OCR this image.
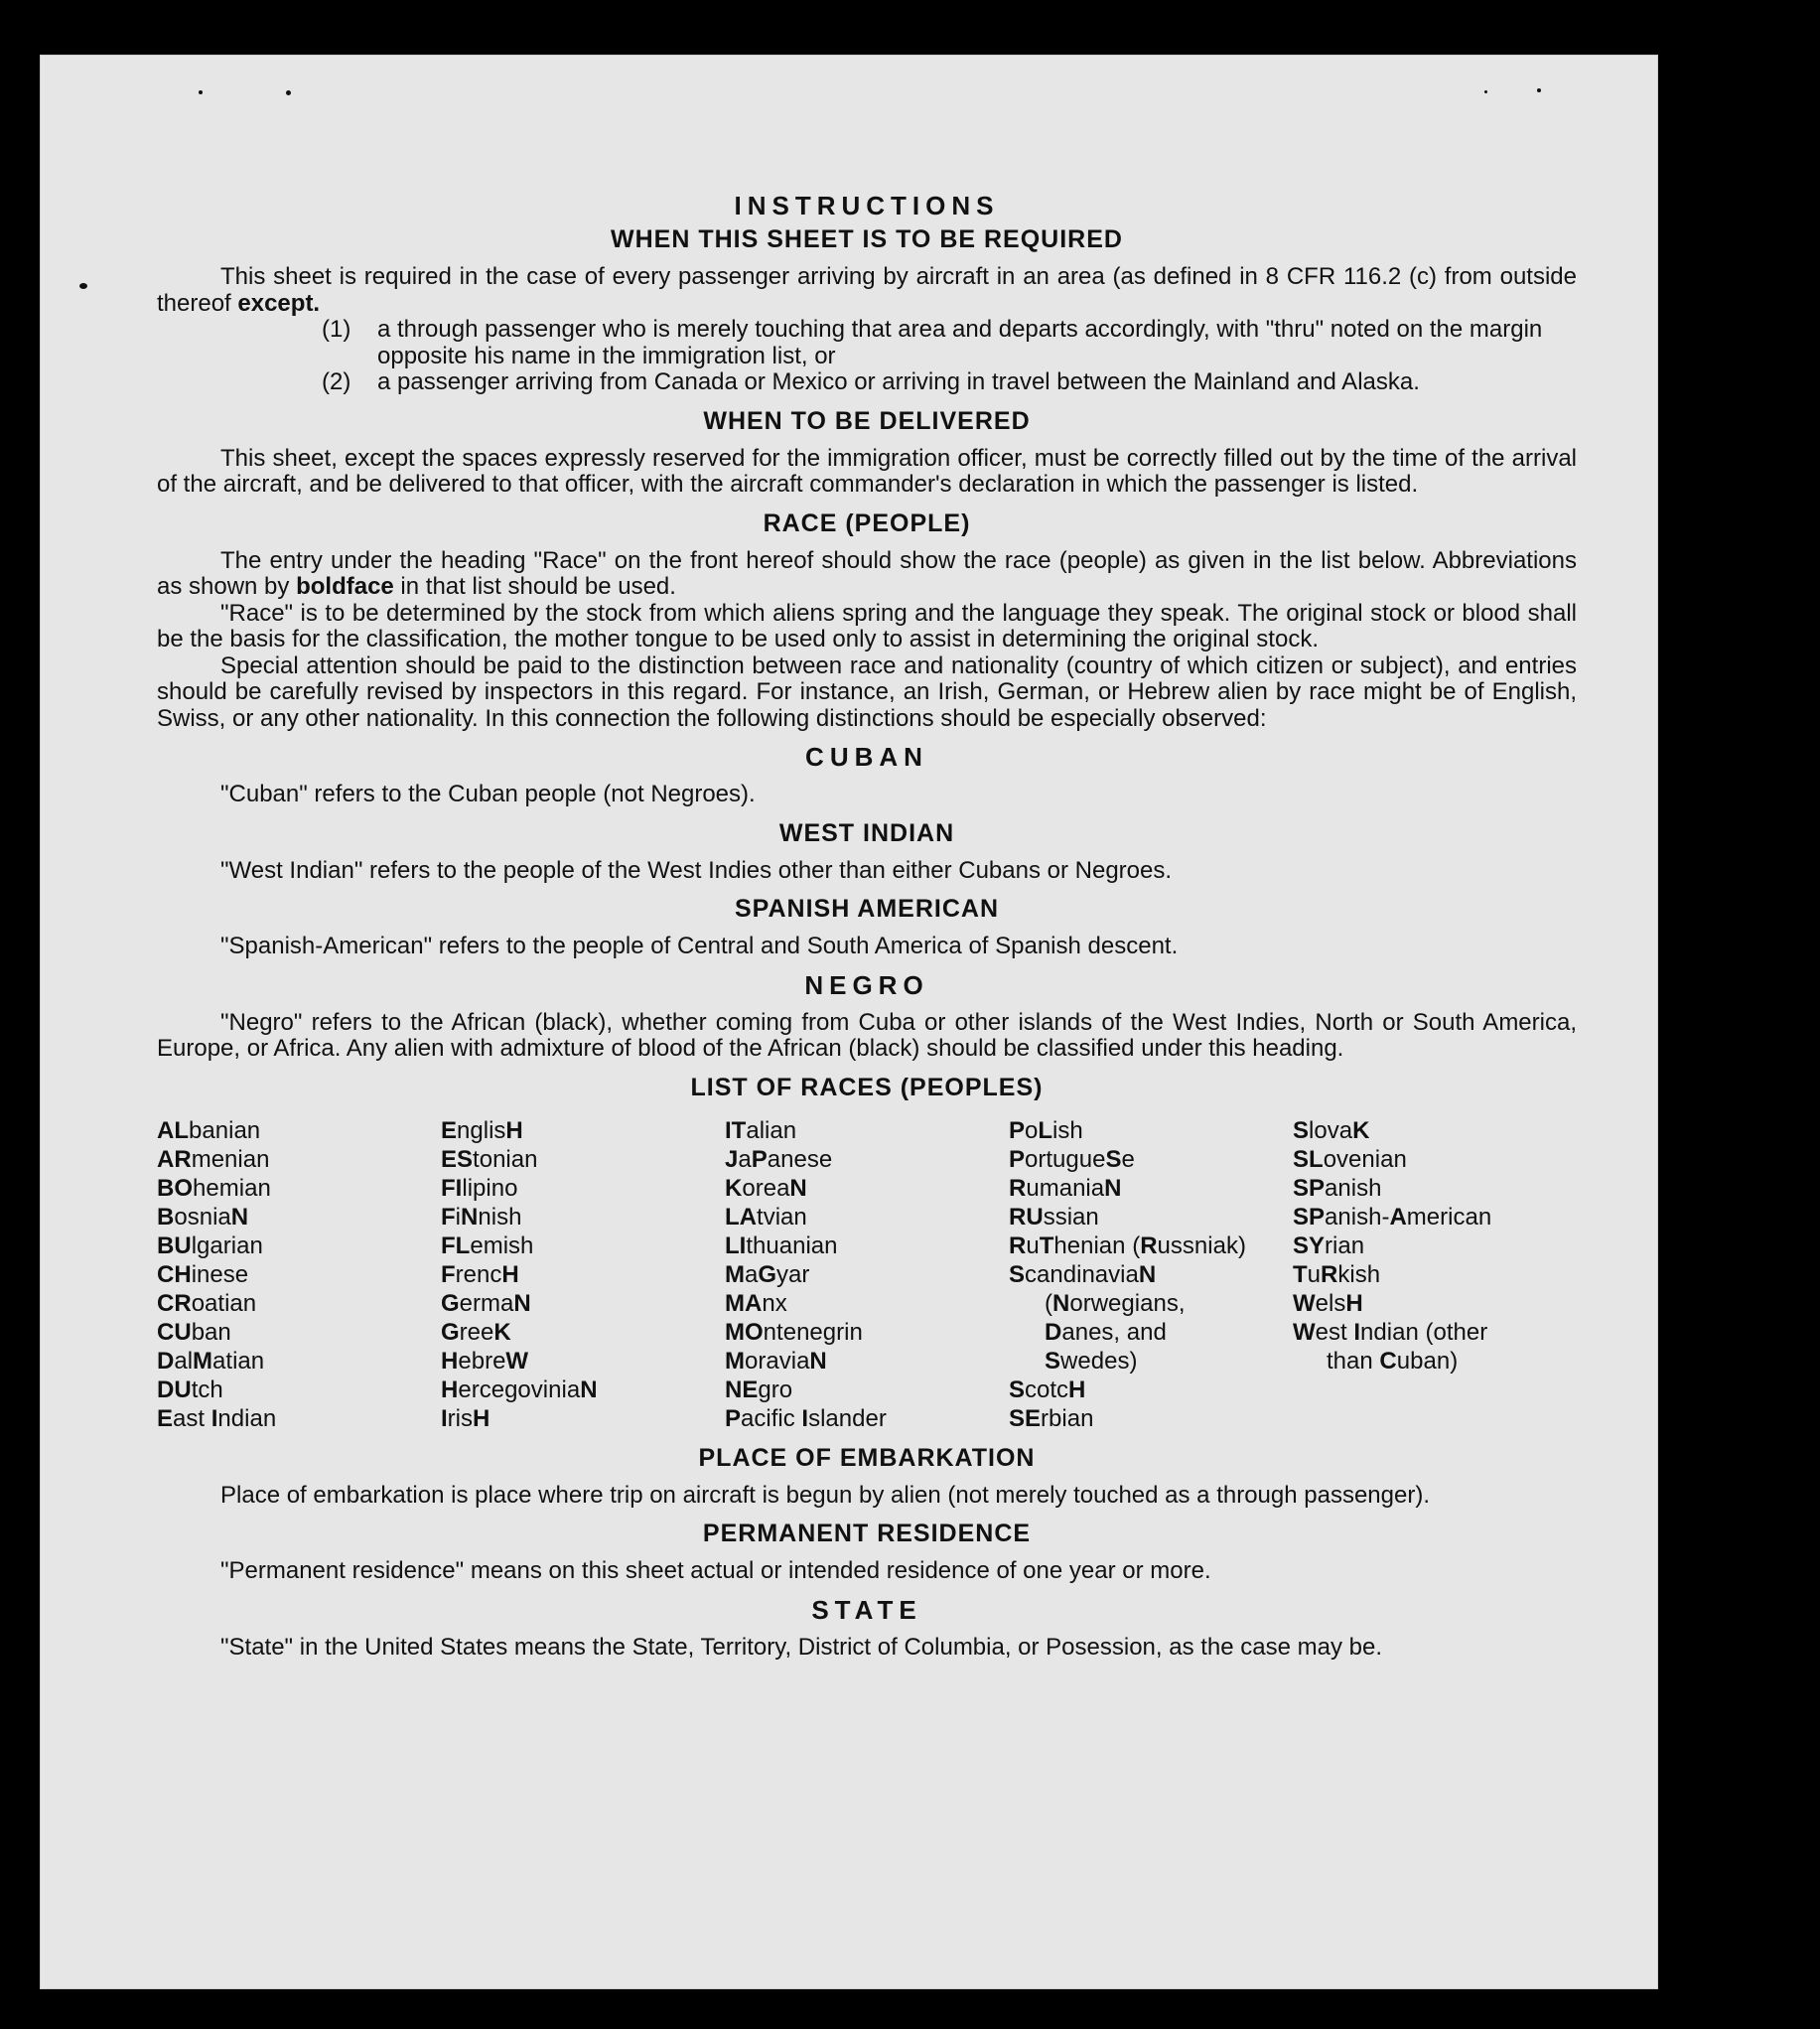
INSTRUCTIONS
WHEN THIS SHEET IS TO BE REQUIRED

This sheet is required in the case of every passenger arriving by aircraft in an area (as defined in 8 CFR 116.2 (c) from outside thereof except.

(1)	a through passenger who is merely touching that area and departs accordingly, with "thru" noted on the margin opposite his name in the immigration list, or
(2)	a passenger arriving from Canada or Mexico or arriving in travel between the Mainland and Alaska.
WHEN TO BE DELIVERED

This sheet, except the spaces expressly reserved for the immigration officer, must be correctly filled out by the time of the arrival of the aircraft, and be delivered to that officer, with the aircraft commander's declaration in which the passenger is listed.

RACE (PEOPLE)

The entry under the heading "Race" on the front hereof should show the race (people) as given in the list below. Abbreviations as shown by boldface in that list should be used.

"Race" is to be determined by the stock from which aliens spring and the language they speak. The original stock or blood shall be the basis for the classification, the mother tongue to be used only to assist in determining the original stock.

Special attention should be paid to the distinction between race and nationality (country of which citizen or subject), and entries should be carefully revised by inspectors in this regard. For instance, an Irish, German, or Hebrew alien by race might be of English, Swiss, or any other nationality. In this connection the following distinctions should be especially observed:

CUBAN

"Cuban" refers to the Cuban people (not Negroes).

WEST INDIAN

"West Indian" refers to the people of the West Indies other than either Cubans or Negroes.

SPANISH AMERICAN

"Spanish-American" refers to the people of Central and South America of Spanish descent.

NEGRO

"Negro" refers to the African (black), whether coming from Cuba or other islands of the West Indies, North or South America, Europe, or Africa. Any alien with admixture of blood of the African (black) should be classified under this heading.

LIST OF RACES (PEOPLES)
ALbanian
ARmenian
BOhemian
BosniaN
BUlgarian
CHinese
CRoatian
CUban
DalMatian
DUtch
East Indian
EnglisH
EStonian
FIlipino
FiNnish
FLemish
FrencH
GermaN
GreeK
HebreW
HercegoviniaN
IrisH
ITalian
JaPanese
KoreaN
LAtvian
LIthuanian
MaGyar
MAnx
MOntenegrin
MoraviaN
NEgro
Pacific Islander
PoLish
PortugueSe
RumaniaN
RUssian
RuThenian (Russniak)
ScandinaviaN
(Norwegians,
Danes, and
Swedes)
ScotcH
SErbian
SlovaK
SLovenian
SPanish
SPanish-American
SYrian
TuRkish
WelsH
West Indian (other
than Cuban)
PLACE OF EMBARKATION

Place of embarkation is place where trip on aircraft is begun by alien (not merely touched as a through passenger).

PERMANENT RESIDENCE

"Permanent residence" means on this sheet actual or intended residence of one year or more.

STATE

"State" in the United States means the State, Territory, District of Columbia, or Posession, as the case may be.
